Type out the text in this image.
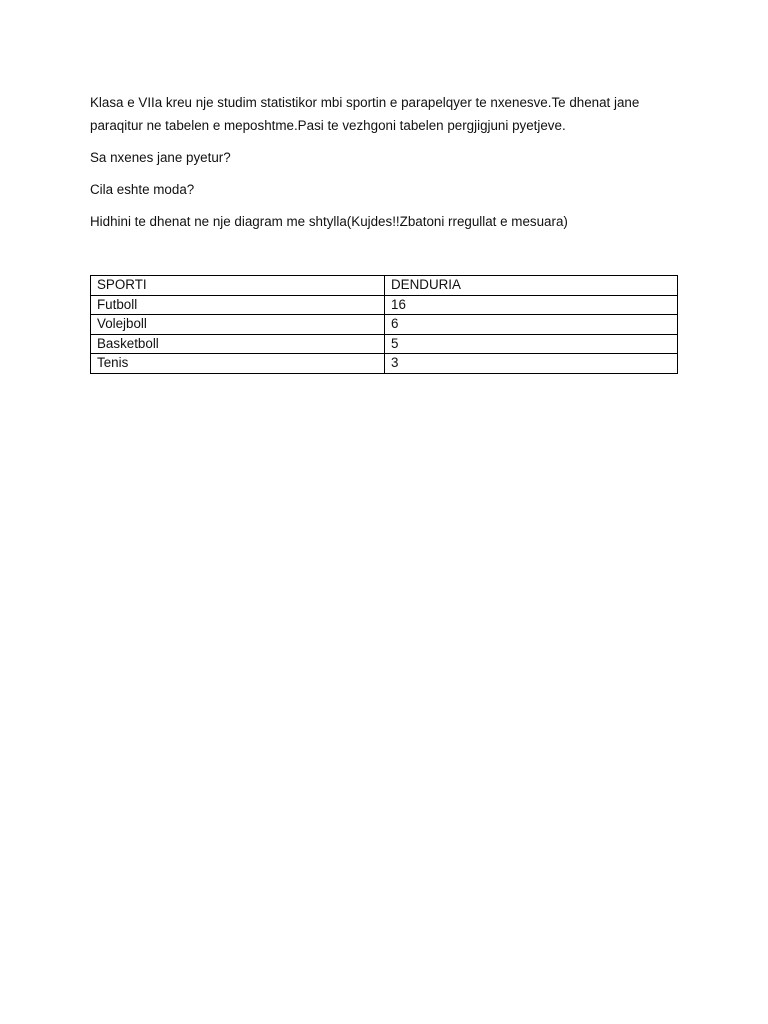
Klasa e VIIa kreu nje studim statistikor mbi sportin e parapelqyer te nxenesve.Te dhenat jane
paraqitur ne tabelen e meposhtme.Pasi te vezhgoni tabelen pergjigjuni pyetjeve.

Sa nxenes jane pyetur?

Cila eshte moda?

Hidhini te dhenat ne nje diagram me shtylla(Kujdes!!Zbatoni rregullat e mesuara)

SPORTI	DENDURIA
Futboll	16
Volejboll	6
Basketboll	5
Tenis	3
